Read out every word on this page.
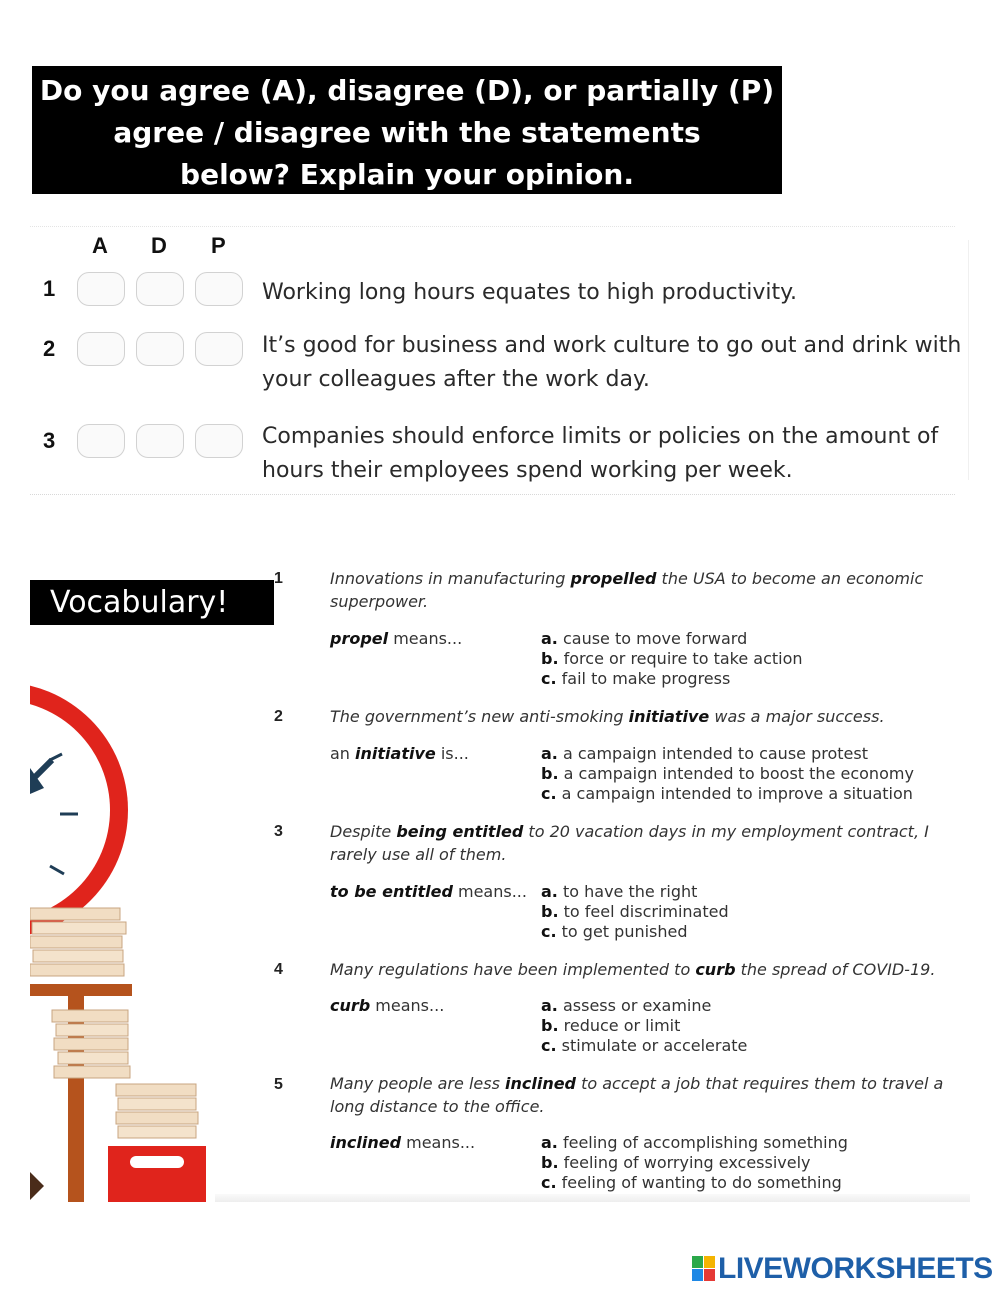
Do you agree (A), disagree (D), or partially (P)
agree / disagree with the statements
below? Explain your opinion.
A D P
1	Working long hours equates to high productivity.
2	It’s good for business and work culture to go out and drink with
your colleagues after the work day.
3	Companies should enforce limits or policies on the amount of
hours their employees spend working per week.
Vocabulary!
1	Innovations in manufacturing propelled the USA to become an economic superpower.
propel means...	a. cause to move forward
b. force or require to take action
c. fail to make progress
2	The government’s new anti-smoking initiative was a major success.
an initiative is...	a. a campaign intended to cause protest
b. a campaign intended to boost the economy
c. a campaign intended to improve a situation
3	Despite being entitled to 20 vacation days in my employment contract, I rarely use all of them.
to be entitled means... a. to have the right
b. to feel discriminated
c. to get punished
4	Many regulations have been implemented to curb the spread of COVID-19.
curb means...	a. assess or examine
b. reduce or limit
c. stimulate or accelerate
5	Many people are less inclined to accept a job that requires them to travel a long distance to the office.
inclined means...	a. feeling of accomplishing something
b. feeling of worrying excessively
c. feeling of wanting to do something
LIVEWORKSHEETS
